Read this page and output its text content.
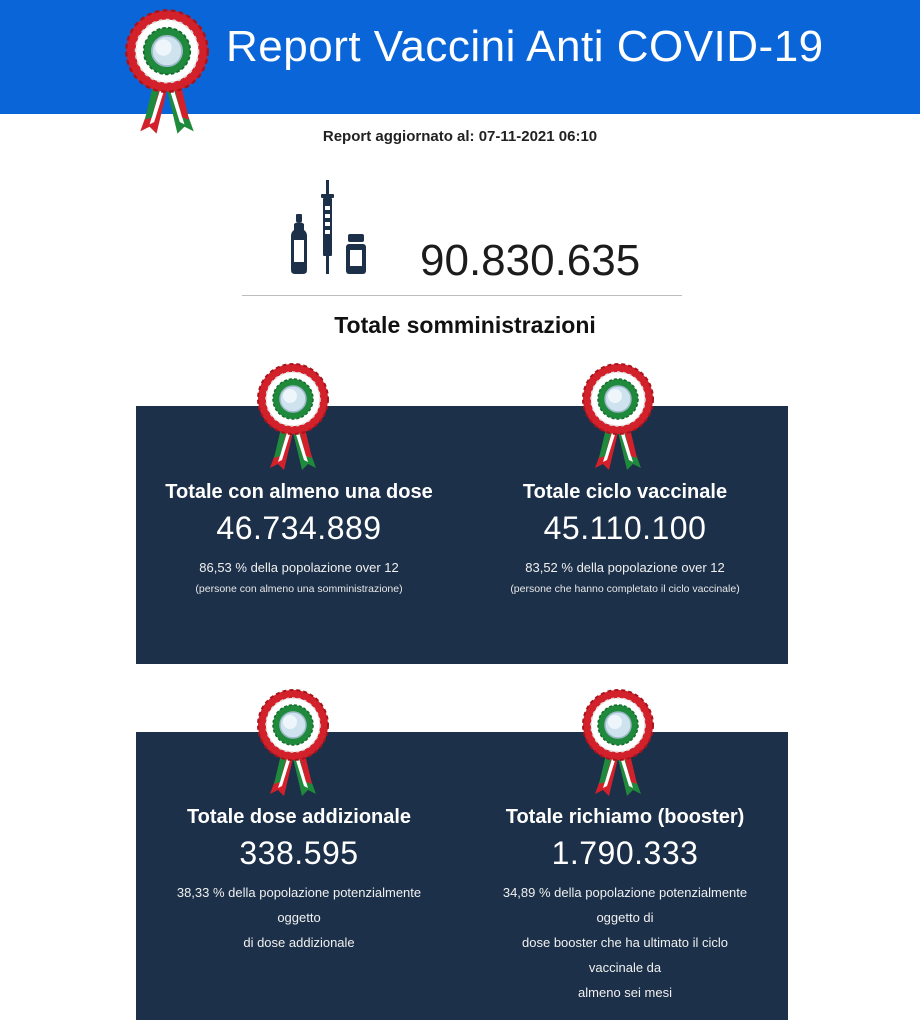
Report Vaccini Anti COVID-19
Report aggiornato al: 07-11-2021 06:10
90.830.635
Totale somministrazioni
Totale con almeno una dose
46.734.889
86,53 % della popolazione over 12
(persone con almeno una somministrazione)
Totale ciclo vaccinale
45.110.100
83,52 % della popolazione over 12
(persone che hanno completato il ciclo vaccinale)
Totale dose addizionale
338.595
38,33 % della popolazione potenzialmente
oggetto
di dose addizionale
Totale richiamo (booster)
1.790.333
34,89 % della popolazione potenzialmente
oggetto di
dose booster che ha ultimato il ciclo
vaccinale da
almeno sei mesi
